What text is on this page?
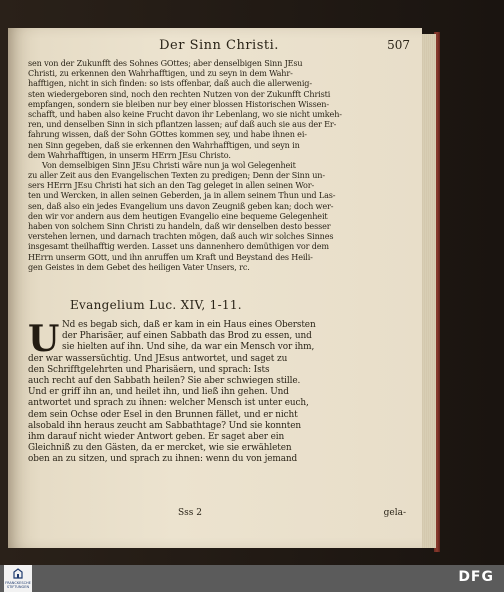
Der Sinn Christi.	507
sen von der Zukunfft des Sohnes GOttes; aber denselbigen Sinn JEsu
Christi, zu erkennen den Wahrhafftigen, und zu seyn in dem Wahr-
hafftigen, nicht in sich finden: so ists offenbar, daß auch die allerwenig-
sten wiedergeboren sind, noch den rechten Nutzen von der Zukunfft Christi
empfangen, sondern sie bleiben nur bey einer blossen Historischen Wissen-
schafft, und haben also keine Frucht davon ihr Lebenlang, wo sie nicht umkeh-
ren, und denselben Sinn in sich pflantzen lassen; auf daß auch sie aus der Er-
fahrung wissen, daß der Sohn GOttes kommen sey, und habe ihnen ei-
nen Sinn gegeben, daß sie erkennen den Wahrhafftigen, und seyn in
dem Wahrhafftigen, in unserm HErrn JEsu Christo.
Von demselbigen Sinn JEsu Christi wäre nun ja wol Gelegenheit
zu aller Zeit aus den Evangelischen Texten zu predigen; Denn der Sinn un-
sers HErrn JEsu Christi hat sich an den Tag geleget in allen seinen Wor-
ten und Wercken, in allen seinen Geberden, ja in allem seinem Thun und Las-
sen, daß also ein jedes Evangelium uns davon Zeugniß geben kan; doch wer-
den wir vor andern aus dem heutigen Evangelio eine bequeme Gelegenheit
haben von solchem Sinn Christi zu handeln, daß wir denselben desto besser
verstehen lernen, und darnach trachten mögen, daß auch wir solches Sinnes
insgesamt theilhafftig werden. Lasset uns dannenhero demüthigen vor dem
HErrn unserm GOtt, und ihn anruffen um Kraft und Beystand des Heili-
gen Geistes in dem Gebet des heiligen Vater Unsers, rc.
Evangelium Luc. XIV, 1-11.
U Nd es begab sich, daß er kam in ein Haus eines Obersten
der Pharisäer, auf einen Sabbath das Brod zu essen, und
sie hielten auf ihn. Und sihe, da war ein Mensch vor ihm,
der war wassersüchtig. Und JEsus antwortet, und saget zu
den Schrifftgelehrten und Pharisäern, und sprach: Ists
auch recht auf den Sabbath heilen? Sie aber schwiegen stille.
Und er griff ihn an, und heilet ihn, und ließ ihn gehen. Und
antwortet und sprach zu ihnen: welcher Mensch ist unter euch,
dem sein Ochse oder Esel in den Brunnen fället, und er nicht
alsobald ihn heraus zeucht am Sabbathtage? Und sie konnten
ihm darauf nicht wieder Antwort geben. Er saget aber ein
Gleichniß zu den Gästen, da er mercket, wie sie erwähleten
oben an zu sitzen, und sprach zu ihnen: wenn du von jemand
Sss 2	gela-
FRANCKESCHE STIFTUNGEN
DFG
